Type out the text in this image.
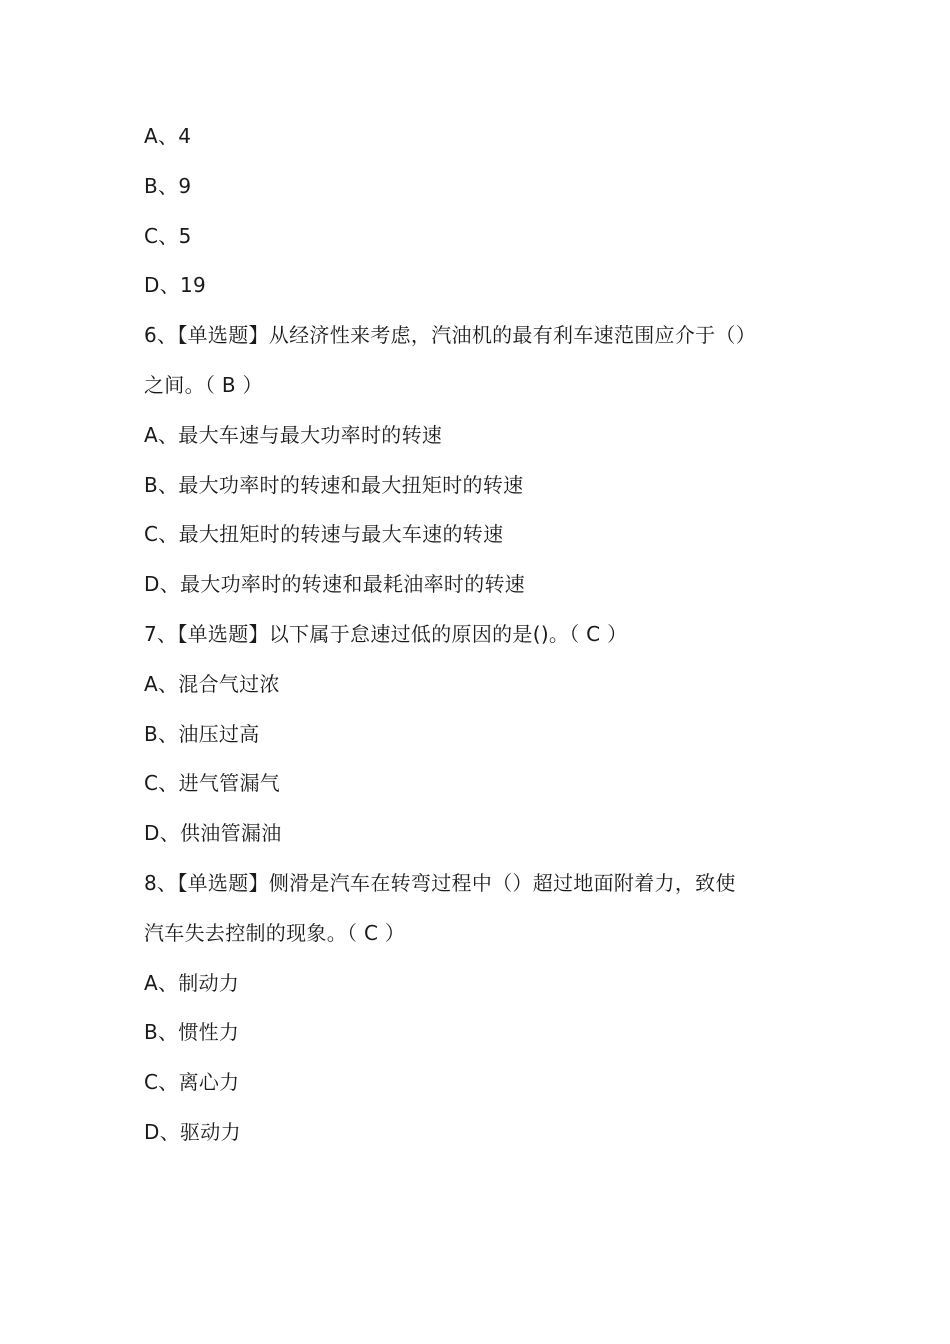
A、4
B、9
C、5
D、19
6、【单选题】从经济性来考虑，汽油机的最有利车速范围应介于（）
之间。（ B ）
A、最大车速与最大功率时的转速
B、最大功率时的转速和最大扭矩时的转速
C、最大扭矩时的转速与最大车速的转速
D、最大功率时的转速和最耗油率时的转速
7、【单选题】以下属于怠速过低的原因的是()。（ C ）
A、混合气过浓
B、油压过高
C、进气管漏气
D、供油管漏油
8、【单选题】侧滑是汽车在转弯过程中（）超过地面附着力，致使
汽车失去控制的现象。（ C ）
A、制动力
B、惯性力
C、离心力
D、驱动力
